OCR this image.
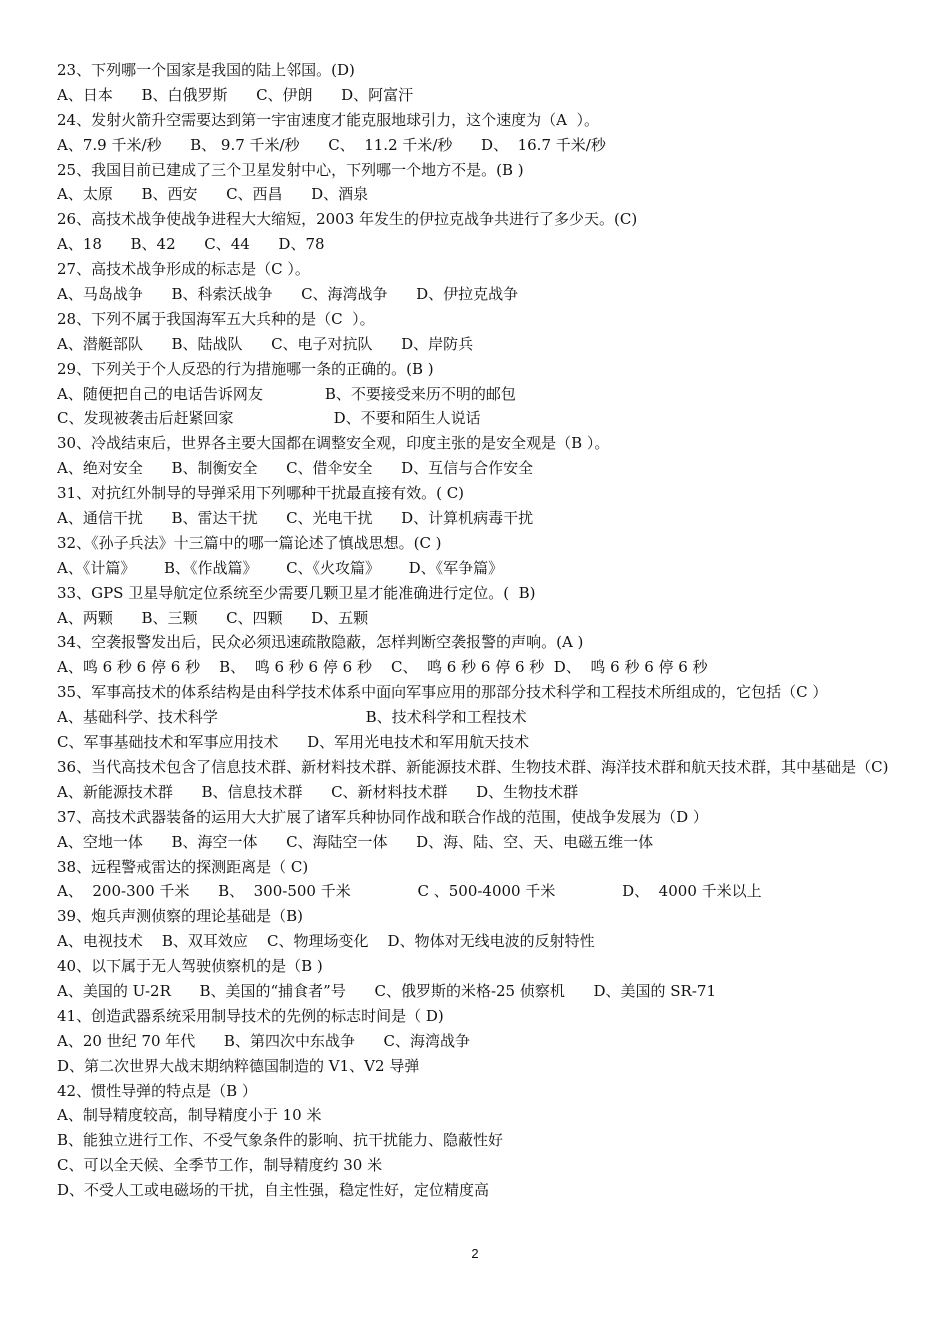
23、下列哪一个国家是我国的陆上邻国。(D)
A、日本      B、白俄罗斯      C、伊朗      D、阿富汗
24、发射火箭升空需要达到第一宇宙速度才能克服地球引力，这个速度为（A  ）。
A、7.9 千米/秒      B、 9.7 千米/秒      C、  11.2 千米/秒      D、  16.7 千米/秒
25、我国目前已建成了三个卫星发射中心，下列哪一个地方不是。(B )
A、太原      B、西安      C、西昌      D、酒泉
26、高技术战争使战争进程大大缩短，2003 年发生的伊拉克战争共进行了多少天。(C)
A、18      B、42      C、44      D、78
27、高技术战争形成的标志是（C ）。
A、马岛战争      B、科索沃战争      C、海湾战争      D、伊拉克战争
28、下列不属于我国海军五大兵种的是（C  ）。
A、潜艇部队      B、陆战队      C、电子对抗队      D、岸防兵
29、下列关于个人反恐的行为措施哪一条的正确的。(B )
A、随便把自己的电话告诉网友             B、不要接受来历不明的邮包
C、发现被袭击后赶紧回家                     D、不要和陌生人说话
30、冷战结束后，世界各主要大国都在调整安全观，印度主张的是安全观是（B ）。
A、绝对安全      B、制衡安全      C、借伞安全      D、互信与合作安全
31、对抗红外制导的导弹采用下列哪种干扰最直接有效。( C)
A、通信干扰      B、雷达干扰      C、光电干扰      D、计算机病毒干扰
32、《孙子兵法》十三篇中的哪一篇论述了慎战思想。(C )
A、《计篇》      B、《作战篇》      C、《火攻篇》      D、《军争篇》
33、GPS 卫星导航定位系统至少需要几颗卫星才能准确进行定位。(  B)
A、两颗      B、三颗      C、四颗      D、五颗
34、空袭报警发出后，民众必须迅速疏散隐蔽，怎样判断空袭报警的声响。(A )
A、鸣 6 秒 6 停 6 秒    B、  鸣 6 秒 6 停 6 秒    C、  鸣 6 秒 6 停 6 秒  D、  鸣 6 秒 6 停 6 秒
35、军事高技术的体系结构是由科学技术体系中面向军事应用的那部分技术科学和工程技术所组成的，它包括（C ）
A、基础科学、技术科学                               B、技术科学和工程技术
C、军事基础技术和军事应用技术      D、军用光电技术和军用航天技术
36、当代高技术包含了信息技术群、新材料技术群、新能源技术群、生物技术群、海洋技术群和航天技术群，其中基础是（C)
A、新能源技术群      B、信息技术群      C、新材料技术群      D、生物技术群
37、高技术武器装备的运用大大扩展了诸军兵种协同作战和联合作战的范围，使战争发展为（D ）
A、空地一体      B、海空一体      C、海陆空一体      D、海、陆、空、天、电磁五维一体
38、远程警戒雷达的探测距离是（ C)
A、  200-300 千米      B、  300-500 千米              C 、500-4000 千米              D、  4000 千米以上
39、炮兵声测侦察的理论基础是（B)
A、电视技术    B、双耳效应    C、物理场变化    D、物体对无线电波的反射特性
40、以下属于无人驾驶侦察机的是（B )
A、美国的 U-2R      B、美国的“捕食者”号      C、俄罗斯的米格-25 侦察机      D、美国的 SR-71
41、创造武器系统采用制导技术的先例的标志时间是（ D)
A、20 世纪 70 年代      B、第四次中东战争      C、海湾战争
D、第二次世界大战末期纳粹德国制造的 V1、V2 导弹
42、惯性导弹的特点是（B ）
A、制导精度较高，制导精度小于 10 米
B、能独立进行工作、不受气象条件的影响、抗干扰能力、隐蔽性好
C、可以全天候、全季节工作，制导精度约 30 米
D、不受人工或电磁场的干扰，自主性强，稳定性好，定位精度高
2
